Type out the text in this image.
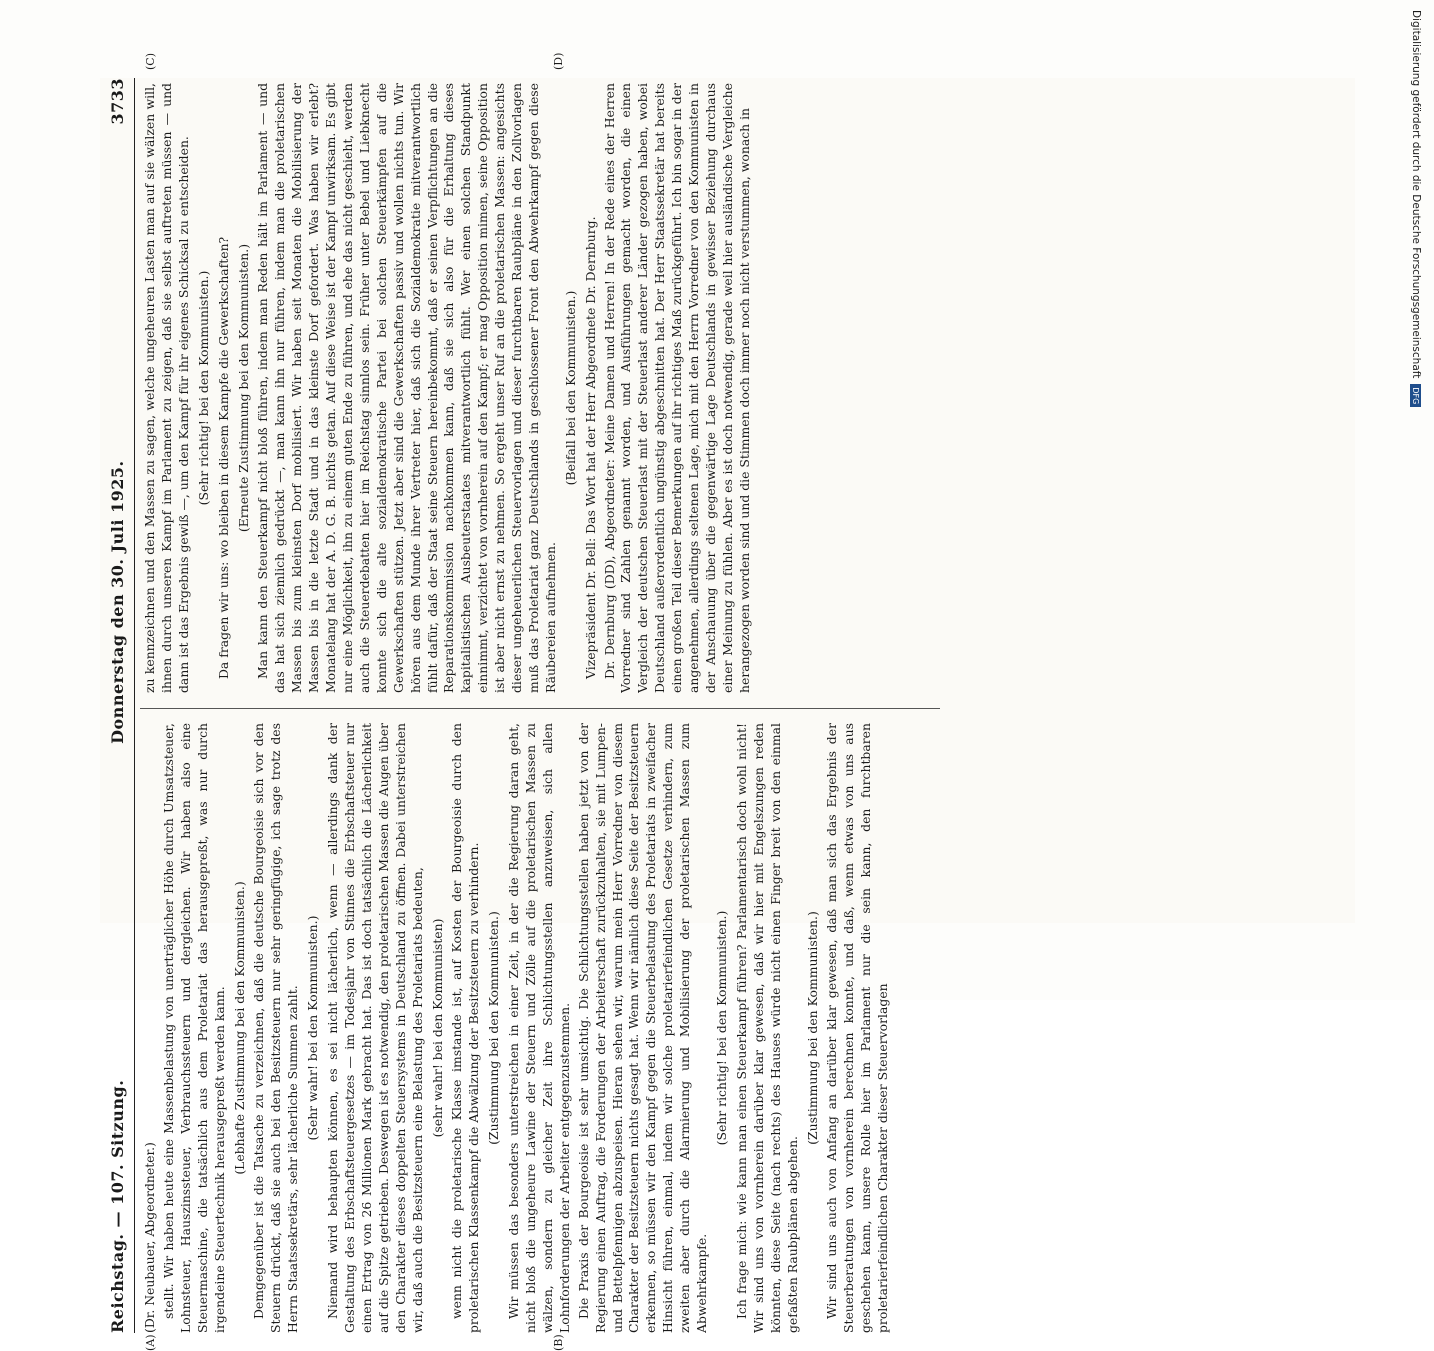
Reichstag. — 107. Sitzung.
Donnerstag den 30. Juli 1925.
3733
(A)	(B)
(C)	(D)

(Dr. Neubauer, Abgeordneter.) stellt. Wir haben heute eine Massenbelastung von unerträglicher Höhe durch Umsatzsteuer, Lohnsteuer, Hauszinssteuer, Verbrauchssteuern und dergleichen. Wir haben also eine Steuermaschine, die tatsächlich aus dem Proletariat das herausgepreßt, was nur durch irgendeine Steuertechnik herausgepreßt werden kann. (Lebhafte Zustimmung bei den Kommunisten.) Demgegenüber ist die Tatsache zu verzeichnen, daß die deutsche Bourgeoisie sich vor den Steuern drückt, daß sie auch bei den Besitzsteuern nur sehr geringfügige, ich sage trotz des Herrn Staatssekretärs, sehr lächerliche Summen zahlt. (Sehr wahr! bei den Kommunisten.) Niemand wird behaupten können, es sei nicht lächerlich, wenn — allerdings dank der Gestaltung des Erbschaftsteuergesetzes — im Todesjahr von Stinnes die Erbschaftsteuer nur einen Ertrag von 26 Millionen Mark gebracht hat. Das ist doch tatsächlich die Lächerlichkeit auf die Spitze getrieben. Deswegen ist es notwendig, den proletarischen Massen die Augen über den Charakter dieses doppelten Steuersystems in Deutschland zu öffnen. Dabei unterstreichen wir, daß auch die Besitzsteuern eine Belastung des Proletariats bedeuten, (sehr wahr! bei den Kommunisten) wenn nicht die proletarische Klasse imstande ist, auf Kosten der Bourgeoisie durch den proletarischen Klassenkampf die Abwälzung der Besitzsteuern zu verhindern. (Zustimmung bei den Kommunisten.) Wir müssen das besonders unterstreichen in einer Zeit, in der die Regierung daran geht, nicht bloß die ungeheure Lawine der Steuern und Zölle auf die proletarischen Massen zu wälzen, sondern zu gleicher Zeit ihre Schlichtungsstellen anzuweisen, sich allen Lohnforderungen der Arbeiter entgegenzustemmen. Die Praxis der Bourgeoisie ist sehr umsichtig. Die Schlichtungsstellen haben jetzt von der Regierung einen Auftrag, die Forderungen der Arbeiterschaft zurückzuhalten, sie mit Lumpen- und Bettelpfennigen abzuspeisen. Hieran sehen wir, warum mein Herr Vorredner von diesem Charakter der Besitzsteuern nichts gesagt hat. Wenn wir nämlich diese Seite der Besitzsteuern erkennen, so müssen wir den Kampf gegen die Steuerbelastung des Proletariats in zweifacher Hinsicht führen, einmal, indem wir solche proletarierfeindlichen Gesetze verhindern, zum zweiten aber durch die Alarmierung und Mobilisierung der proletarischen Massen zum Abwehrkampfe.

(Sehr richtig! bei den Kommunisten.) Ich frage mich: wie kann man einen Steuerkampf führen? Parlamentarisch doch wohl nicht! Wir sind uns von vornherein darüber klar gewesen, daß wir hier mit Engelszungen reden könnten, diese Seite (nach rechts) des Hauses würde nicht einen Finger breit von den einmal gefaßten Raubplänen abgehen.

(Zustimmung bei den Kommunisten.) Wir sind uns auch von Anfang an darüber klar gewesen, daß man sich das Ergebnis der Steuerberatungen von vornherein berechnen konnte, und daß, wenn etwas von uns aus geschehen kann, unsere Rolle hier im Parlament nur die sein kann, den furchtbaren proletarierfeindlichen Charakter dieser Steuervorlagen

zu kennzeichnen und den Massen zu sagen, welche ungeheuren Lasten man auf sie wälzen will, ihnen durch unseren Kampf im Parlament zu zeigen, daß sie selbst auftreten müssen — und dann ist das Ergebnis gewiß —, um den Kampf für ihr eigenes Schicksal zu entscheiden. (Sehr richtig! bei den Kommunisten.) Da fragen wir uns: wo bleiben in diesem Kampfe die Gewerkschaften? (Erneute Zustimmung bei den Kommunisten.) Man kann den Steuerkampf nicht bloß führen, indem man Reden hält im Parlament — und das hat sich ziemlich gedrückt —, man kann ihn nur führen, indem man die proletarischen Massen bis zum kleinsten Dorf mobilisiert. Wir haben seit Monaten die Mobilisierung der Massen bis in die letzte Stadt und in das kleinste Dorf gefordert. Was haben wir erlebt? Monatelang hat der A. D. G. B. nichts getan. Auf diese Weise ist der Kampf unwirksam. Es gibt nur eine Möglichkeit, ihn zu einem guten Ende zu führen, und ehe das nicht geschieht, werden auch die Steuerdebatten hier im Reichstag sinnlos sein. Früher unter Bebel und Liebknecht konnte sich die alte sozialdemokratische Partei bei solchen Steuerkämpfen auf die Gewerkschaften stützen. Jetzt aber sind die Gewerkschaften passiv und wollen nichts tun. Wir hören aus dem Munde ihrer Vertreter hier, daß sich die Sozialdemokratie mitverantwortlich fühlt dafür, daß der Staat seine Steuern hereinbekommt, daß er seinen Verpflichtungen an die Reparationskommission nachkommen kann, daß sie sich also für die Erhaltung dieses kapitalistischen Ausbeuterstaates mitverantwortlich fühlt. Wer einen solchen Standpunkt einnimmt, verzichtet von vornherein auf den Kampf; er mag Opposition mimen, seine Opposition ist aber nicht ernst zu nehmen. So ergeht unser Ruf an die proletarischen Massen: angesichts dieser ungeheuerlichen Steuervorlagen und dieser furchtbaren Raubpläne in den Zollvorlagen muß das Proletariat ganz Deutschlands in geschlossener Front den Abwehrkampf gegen diese Räubereien aufnehmen.

(Beifall bei den Kommunisten.) Vizepräsident Dr. Bell: Das Wort hat der Herr Abgeordnete Dr. Dernburg. Dr. Dernburg (DD), Abgeordneter: Meine Damen und Herren! In der Rede eines der Herren Vorredner sind Zahlen genannt worden, und Ausführungen gemacht worden, die einen Vergleich der deutschen Steuerlast mit der Steuerlast anderer Länder gezogen haben, wobei Deutschland außerordentlich ungünstig abgeschnitten hat. Der Herr Staatssekretär hat bereits einen großen Teil dieser Bemerkungen auf ihr richtiges Maß zurückgeführt. Ich bin sogar in der angenehmen, allerdings seltenen Lage, mich mit den Herrn Vorredner von den Kommunisten in der Anschauung über die gegenwärtige Lage Deutschlands in gewisser Beziehung durchaus einer Meinung zu fühlen. Aber es ist doch notwendig, gerade weil hier ausländische Vergleiche herangezogen worden sind und die Stimmen doch immer noch nicht verstummen, wonach in	Digitalisierung gefördert durch die Deutsche Forschungsgemeinschaft
DFG
